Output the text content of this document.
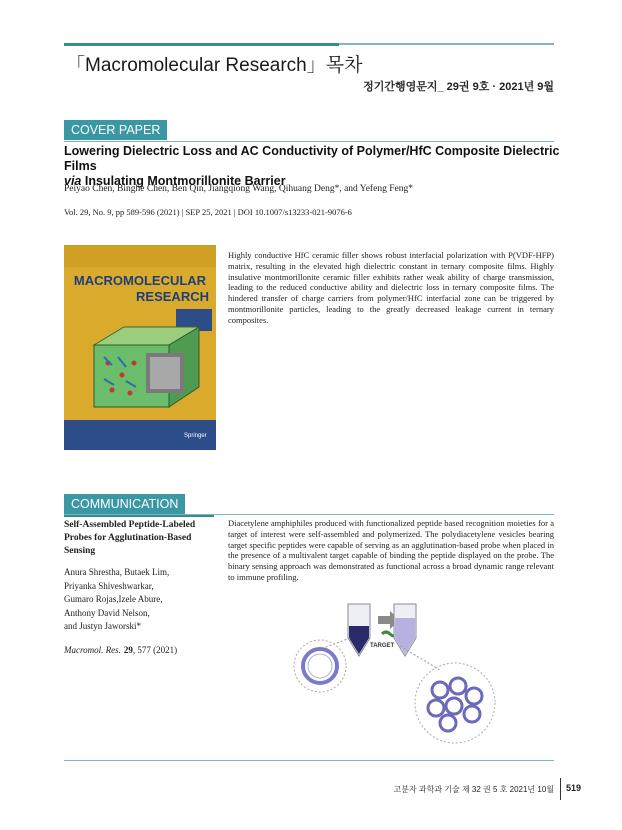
「Macromolecular Research」목차
정기간행영문지_ 29권 9호 · 2021년 9월
COVER PAPER
Lowering Dielectric Loss and AC Conductivity of Polymer/HfC Composite Dielectric Films
via Insulating Montmorillonite Barrier
Peiyao Chen, Binghe Chen, Ben Qin, Jiangqiong Wang, Qihuang Deng*, and Yefeng Feng*
Vol. 29, No. 9, pp 589-596 (2021) | SEP 25, 2021 | DOI 10.1007/s13233-021-9076-6
MACROMOLECULAR
RESEARCH
Springer
Highly conductive HfC ceramic filler shows robust interfacial polarization with P(VDF-HFP) matrix, resulting in the elevated high dielectric constant in ternary composite films. Highly insulative montmorillonite ceramic filler exhibits rather weak ability of charge transmission, leading to the reduced conductive ability and dielectric loss in ternary composite films. The hindered transfer of charge carriers from polymer/HfC interfacial zone can be triggered by montmorillonite particles, leading to the greatly decreased leakage current in ternary composites.
COMMUNICATION
Self-Assembled Peptide-Labeled Probes for Agglutination-Based Sensing
Anura Shrestha, Butaek Lim,
Priyanka Shiveshwarkar,
Gumaro Rojas,Izele Abure,
Anthony David Nelson,
and Justyn Jaworski*
Macromol. Res. 29, 577 (2021)
Diacetylene amphiphiles produced with functionalized peptide based recognition moieties for a target of interest were self-assembled and polymerized. The polydiacetylene vesicles bearing target specific peptides were capable of serving as an agglutination-based probe when placed in the presence of a multivalent target capable of binding the peptide displayed on the probe. The binary sensing approach was demonstrated as functional across a broad dynamic range relevant to immune profiling.
TARGET
고분자 과학과 기술 제 32 권 5 호 2021년 10월 519
